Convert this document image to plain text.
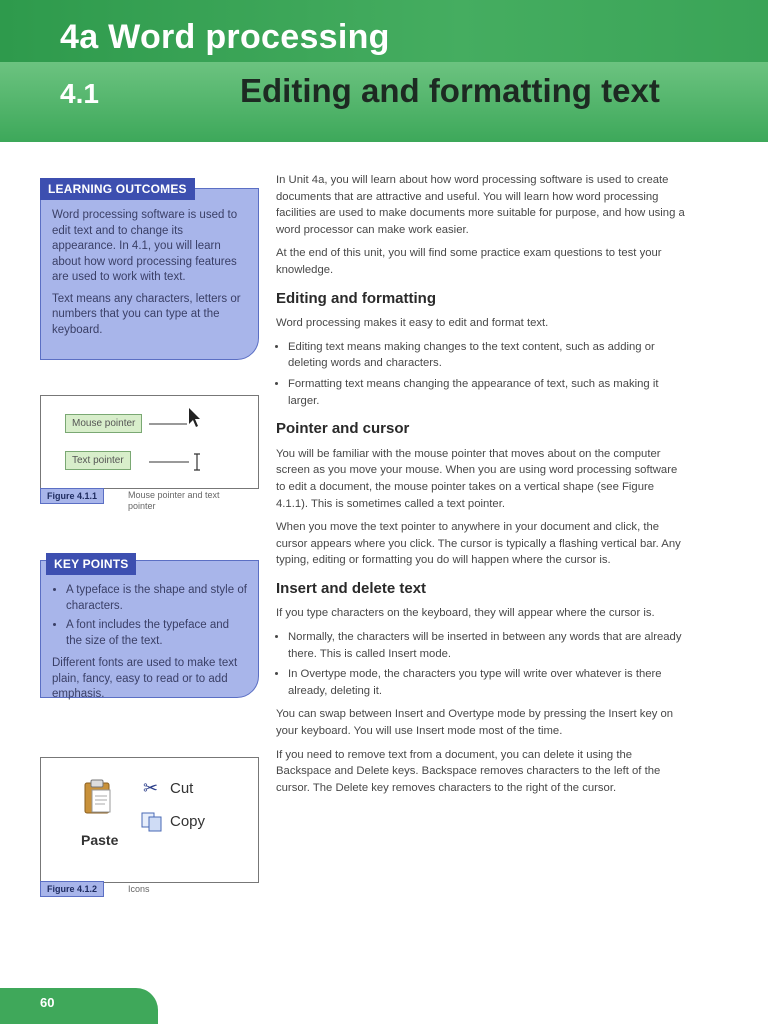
4a Word processing
4.1	Editing and formatting text
LEARNING OUTCOMES

Word processing software is used to edit text and to change its appearance. In 4.1, you will learn about how word processing features are used to work with text.

Text means any characters, letters or numbers that you can type at the keyboard.

Mouse pointer
Text pointer
Figure 4.1.1	Mouse pointer and text pointer
KEY POINTS
• A typeface is the shape and style of characters.
• A font includes the typeface and the size of the text.

Different fonts are used to make text plain, fancy, easy to read or to add emphasis.

Paste
✂ Cut
Copy
Figure 4.1.2	Icons

In Unit 4a, you will learn about how word processing software is used to create documents that are attractive and useful. You will learn how word processing facilities are used to make documents more suitable for purpose, and how using a word processor can make work easier.

At the end of this unit, you will find some practice exam questions to test your knowledge.

Editing and formatting

Word processing makes it easy to edit and format text.

• Editing text means making changes to the text content, such as adding or deleting words and characters.
• Formatting text means changing the appearance of text, such as making it larger.
Pointer and cursor

You will be familiar with the mouse pointer that moves about on the computer screen as you move your mouse. When you are using word processing software to edit a document, the mouse pointer takes on a vertical shape (see Figure 4.1.1). This is sometimes called a text pointer.

When you move the text pointer to anywhere in your document and click, the cursor appears where you click. The cursor is typically a flashing vertical bar. Any typing, editing or formatting you do will happen where the cursor is.

Insert and delete text

If you type characters on the keyboard, they will appear where the cursor is.

• Normally, the characters will be inserted in between any words that are already there. This is called Insert mode.
• In Overtype mode, the characters you type will write over whatever is there already, deleting it.

You can swap between Insert and Overtype mode by pressing the Insert key on your keyboard. You will use Insert mode most of the time.

If you need to remove text from a document, you can delete it using the Backspace and Delete keys. Backspace removes characters to the left of the cursor. The Delete key removes characters to the right of the cursor.

60
